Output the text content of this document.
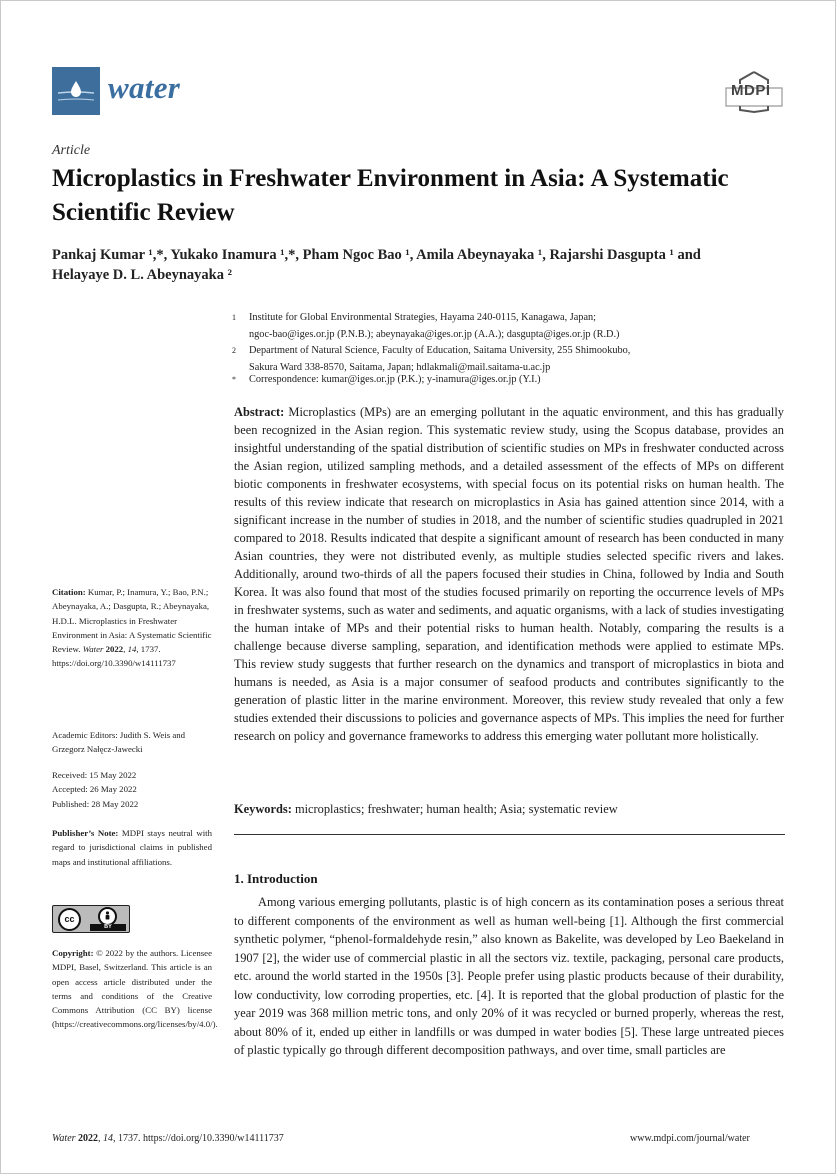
water	MDPI
Article
Microplastics in Freshwater Environment in Asia: A Systematic Scientific Review
Pankaj Kumar ¹,*, Yukako Inamura ¹,*, Pham Ngoc Bao ¹, Amila Abeynayaka ¹, Rajarshi Dasgupta ¹ and
Helayaye D. L. Abeynayaka ²
1 Institute for Global Environmental Strategies, Hayama 240-0115, Kanagawa, Japan;
ngoc-bao@iges.or.jp (P.N.B.); abeynayaka@iges.or.jp (A.A.); dasgupta@iges.or.jp (R.D.)
2 Department of Natural Science, Faculty of Education, Saitama University, 255 Shimookubo,
Sakura Ward 338-8570, Saitama, Japan; hdlakmali@mail.saitama-u.ac.jp
* Correspondence: kumar@iges.or.jp (P.K.); y-inamura@iges.or.jp (Y.I.)
Abstract: Microplastics (MPs) are an emerging pollutant in the aquatic environment, and this has gradually been recognized in the Asian region. This systematic review study, using the Scopus database, provides an insightful understanding of the spatial distribution of scientific studies on MPs in freshwater conducted across the Asian region, utilized sampling methods, and a detailed assessment of the effects of MPs on different biotic components in freshwater ecosystems, with special focus on its potential risks on human health. The results of this review indicate that research on microplastics in Asia has gained attention since 2014, with a significant increase in the number of studies in 2018, and the number of scientific studies quadrupled in 2021 compared to 2018. Results indicated that despite a significant amount of research has been conducted in many Asian countries, they were not distributed evenly, as multiple studies selected specific rivers and lakes. Additionally, around two-thirds of all the papers focused their studies in China, followed by India and South Korea. It was also found that most of the studies focused primarily on reporting the occurrence levels of MPs in freshwater systems, such as water and sediments, and aquatic organisms, with a lack of studies investigating the human intake of MPs and their potential risks to human health. Notably, comparing the results is a challenge because diverse sampling, separation, and identification methods were applied to estimate MPs. This review study suggests that further research on the dynamics and transport of microplastics in biota and humans is needed, as Asia is a major consumer of seafood products and contributes significantly to the generation of plastic litter in the marine environment. Moreover, this review study revealed that only a few studies extended their discussions to policies and governance aspects of MPs. This implies the need for further research on policy and governance frameworks to address this emerging water pollutant more holistically.
Keywords: microplastics; freshwater; human health; Asia; systematic review
1. Introduction
Among various emerging pollutants, plastic is of high concern as its contamination poses a serious threat to different components of the environment as well as human well-being [1]. Although the first commercial synthetic polymer, “phenol-formaldehyde resin,” also known as Bakelite, was developed by Leo Baekeland in 1907 [2], the wider use of commercial plastic in all the sectors viz. textile, packaging, personal care products, etc. around the world started in the 1950s [3]. People prefer using plastic products because of their durability, low conductivity, low corroding properties, etc. [4]. It is reported that the global production of plastic for the year 2019 was 368 million metric tons, and only 20% of it was recycled or burned properly, whereas the rest, about 80% of it, ended up either in landfills or was dumped in water bodies [5]. These large untreated pieces of plastic typically go through different decomposition pathways, and over time, small particles are
Citation: Kumar, P.; Inamura, Y.; Bao, P.N.; Abeynayaka, A.; Dasgupta, R.; Abeynayaka, H.D.L. Microplastics in Freshwater Environment in Asia: A Systematic Scientific Review. Water 2022, 14, 1737. https://doi.org/10.3390/w14111737
Academic Editors: Judith S. Weis and Grzegorz Nałęcz-Jawecki
Received: 15 May 2022
Accepted: 26 May 2022
Published: 28 May 2022
Publisher’s Note: MDPI stays neutral with regard to jurisdictional claims in published maps and institutional affiliations.
cc
BY
Copyright: © 2022 by the authors. Licensee MDPI, Basel, Switzerland. This article is an open access article distributed under the terms and conditions of the Creative Commons Attribution (CC BY) license (https://creativecommons.org/licenses/by/4.0/).
Water 2022, 14, 1737. https://doi.org/10.3390/w14111737	www.mdpi.com/journal/water
